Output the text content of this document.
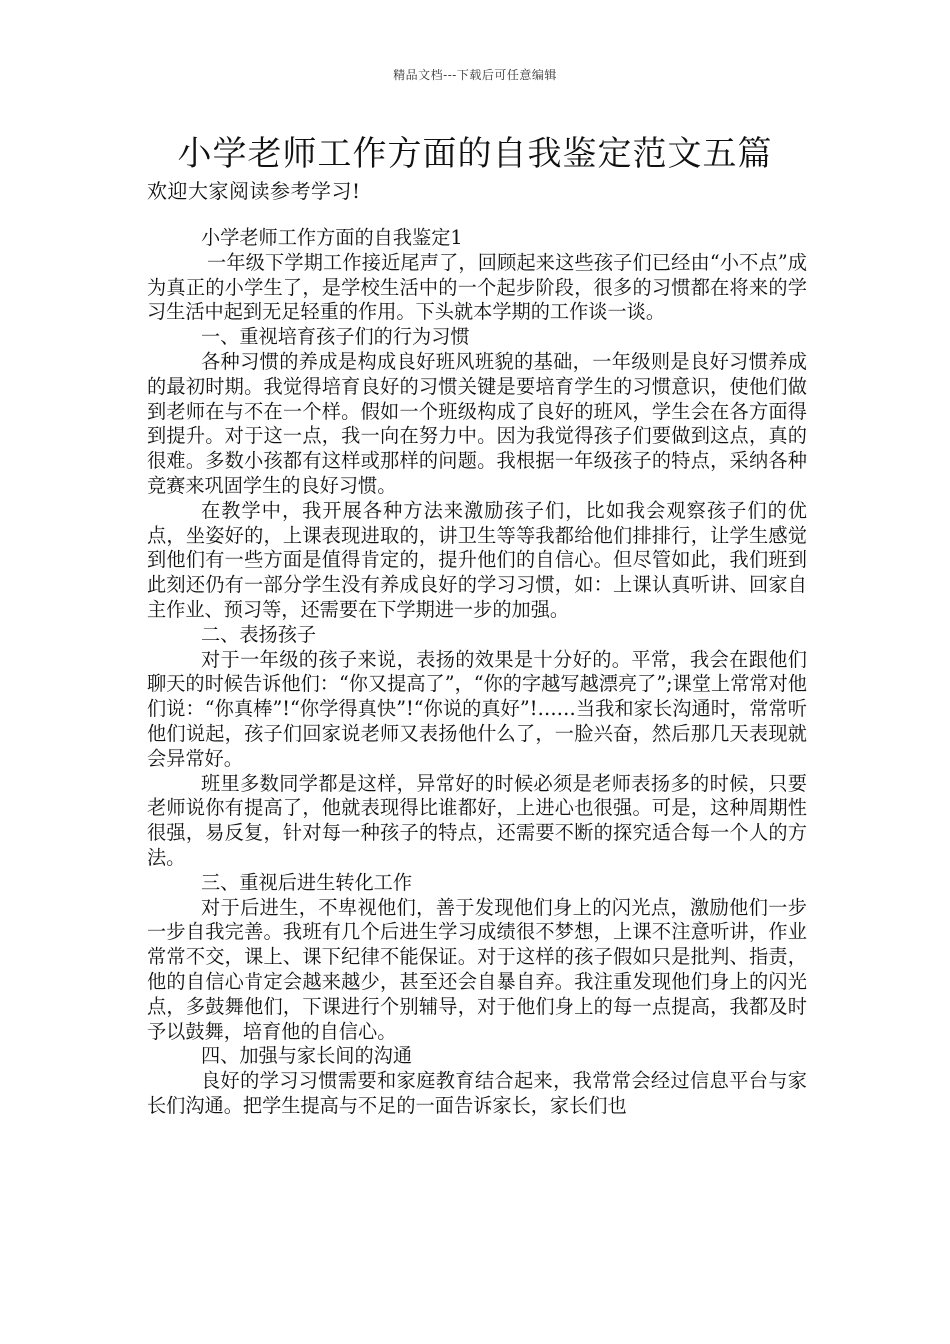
精品文档---下载后可任意编辑
小学老师工作方面的自我鉴定范文五篇
欢迎大家阅读参考学习!

小学老师工作方面的自我鉴定1

一年级下学期工作接近尾声了，回顾起来这些孩子们已经由“小不点”成为真正的小学生了，是学校生活中的一个起步阶段，很多的习惯都在将来的学习生活中起到无足轻重的作用。下头就本学期的工作谈一谈。

一、重视培育孩子们的行为习惯

各种习惯的养成是构成良好班风班貌的基础，一年级则是良好习惯养成的最初时期。我觉得培育良好的习惯关键是要培育学生的习惯意识，使他们做到老师在与不在一个样。假如一个班级构成了良好的班风，学生会在各方面得到提升。对于这一点，我一向在努力中。因为我觉得孩子们要做到这点，真的很难。多数小孩都有这样或那样的问题。我根据一年级孩子的特点，采纳各种竞赛来巩固学生的良好习惯。

在教学中，我开展各种方法来激励孩子们，比如我会观察孩子们的优点，坐姿好的，上课表现进取的，讲卫生等等我都给他们排排行，让学生感觉到他们有一些方面是值得肯定的，提升他们的自信心。但尽管如此，我们班到此刻还仍有一部分学生没有养成良好的学习习惯，如：上课认真听讲、回家自主作业、预习等，还需要在下学期进一步的加强。

二、表扬孩子

对于一年级的孩子来说，表扬的效果是十分好的。平常，我会在跟他们聊天的时候告诉他们：“你又提高了”，“你的字越写越漂亮了”;课堂上常常对他们说：“你真棒”!“你学得真快”!“你说的真好”!……当我和家长沟通时，常常听他们说起，孩子们回家说老师又表扬他什么了，一脸兴奋，然后那几天表现就会异常好。

班里多数同学都是这样，异常好的时候必须是老师表扬多的时候，只要老师说你有提高了，他就表现得比谁都好，上进心也很强。可是，这种周期性很强，易反复，针对每一种孩子的特点，还需要不断的探究适合每一个人的方法。

三、重视后进生转化工作

对于后进生，不卑视他们，善于发现他们身上的闪光点，激励他们一步一步自我完善。我班有几个后进生学习成绩很不梦想，上课不注意听讲，作业常常不交，课上、课下纪律不能保证。对于这样的孩子假如只是批判、指责，他的自信心肯定会越来越少，甚至还会自暴自弃。我注重发现他们身上的闪光点，多鼓舞他们，下课进行个别辅导，对于他们身上的每一点提高，我都及时予以鼓舞，培育他的自信心。

四、加强与家长间的沟通

良好的学习习惯需要和家庭教育结合起来，我常常会经过信息平台与家长们沟通。把学生提高与不足的一面告诉家长，家长们也
